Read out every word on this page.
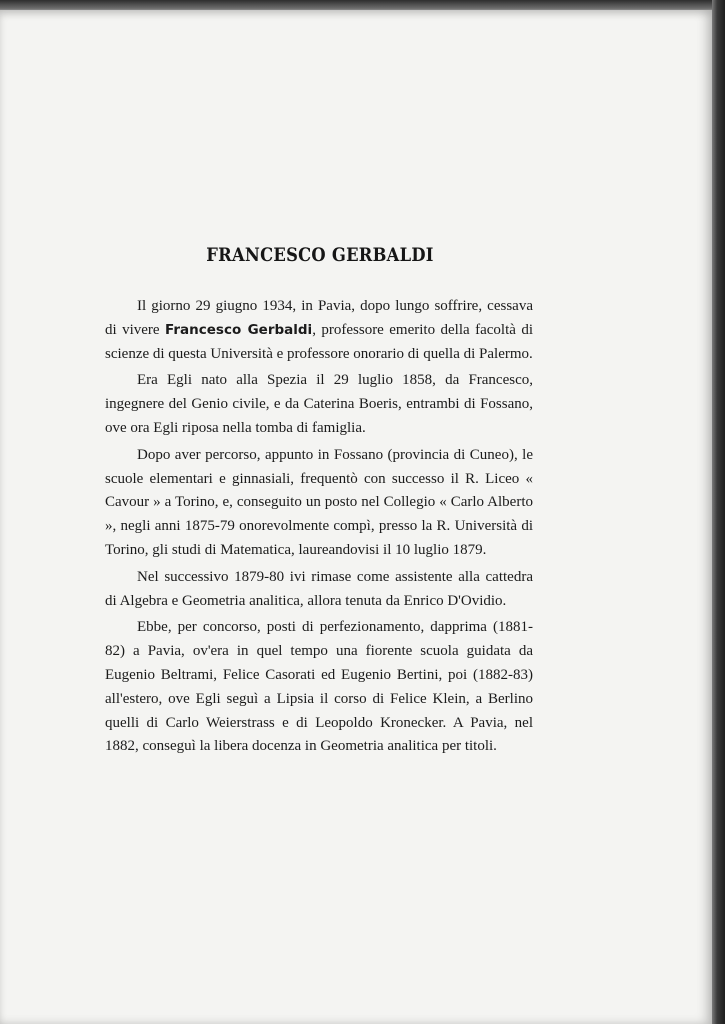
FRANCESCO GERBALDI

Il giorno 29 giugno 1934, in Pavia, dopo lungo soffrire, cessava di vivere Francesco Gerbaldi, professore emerito della facoltà di scienze di questa Università e professore onorario di quella di Palermo.

Era Egli nato alla Spezia il 29 luglio 1858, da Francesco, ingegnere del Genio civile, e da Caterina Boeris, entrambi di Fossano, ove ora Egli riposa nella tomba di famiglia.

Dopo aver percorso, appunto in Fossano (provincia di Cuneo), le scuole elementari e ginnasiali, frequentò con successo il R. Liceo « Cavour » a Torino, e, conseguito un posto nel Collegio « Carlo Alberto », negli anni 1875-79 onorevolmente compì, presso la R. Università di Torino, gli studi di Matematica, laureandovisi il 10 luglio 1879.

Nel successivo 1879-80 ivi rimase come assistente alla cattedra di Algebra e Geometria analitica, allora tenuta da Enrico D'Ovidio.

Ebbe, per concorso, posti di perfezionamento, dapprima (1881-82) a Pavia, ov'era in quel tempo una fiorente scuola guidata da Eugenio Beltrami, Felice Casorati ed Eugenio Bertini, poi (1882-83) all'estero, ove Egli seguì a Lipsia il corso di Felice Klein, a Berlino quelli di Carlo Weierstrass e di Leopoldo Kronecker. A Pavia, nel 1882, conseguì la libera docenza in Geometria analitica per titoli.
